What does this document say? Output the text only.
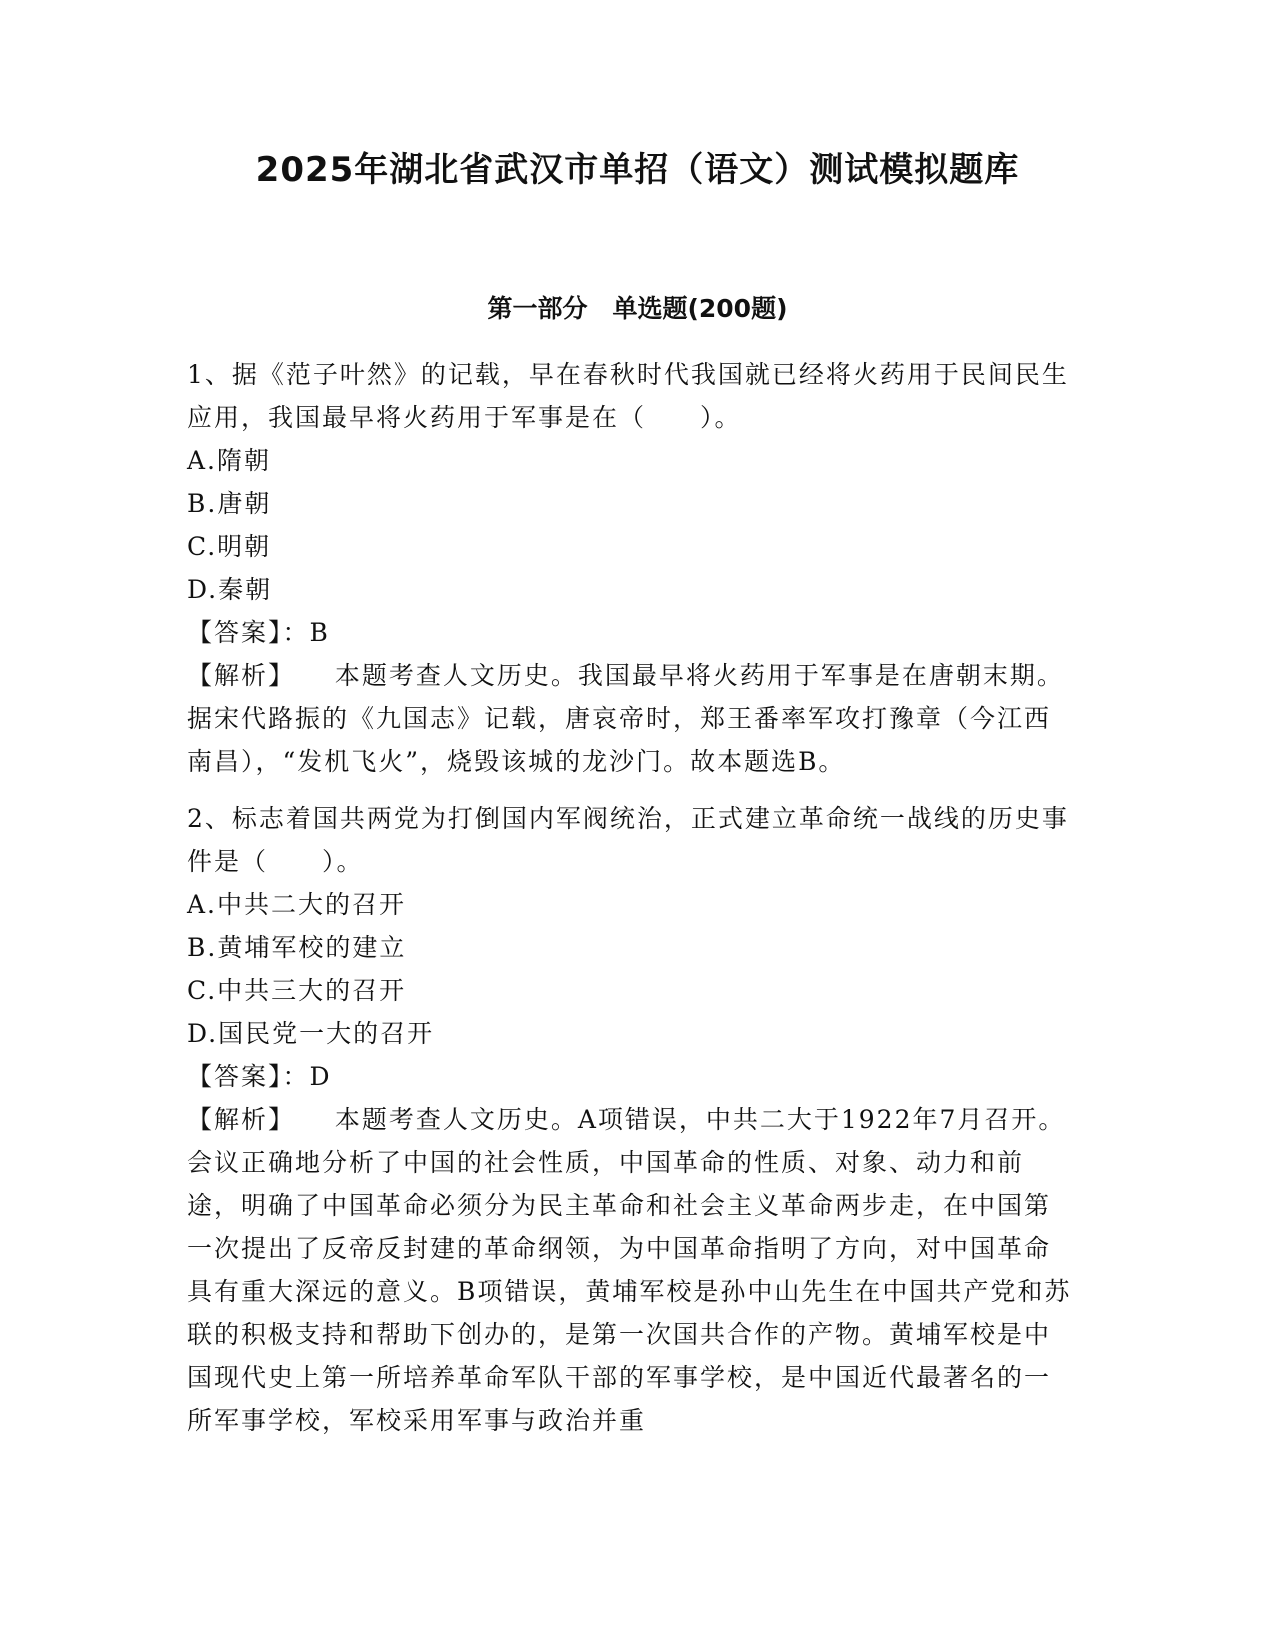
2025年湖北省武汉市单招（语文）测试模拟题库
第一部分　单选题(200题)

1、据《范子叶然》的记载，早在春秋时代我国就已经将火药用于民间民生应用，我国最早将火药用于军事是在（　　）。

A.隋朝

B.唐朝

C.明朝

D.秦朝

【答案】：B

【解析】 本题考查人文历史。我国最早将火药用于军事是在唐朝末期。据宋代路振的《九国志》记载，唐哀帝时，郑王番率军攻打豫章（今江西南昌），“发机飞火”，烧毁该城的龙沙门。故本题选B。

2、标志着国共两党为打倒国内军阀统治，正式建立革命统一战线的历史事件是（　　）。

A.中共二大的召开

B.黄埔军校的建立

C.中共三大的召开

D.国民党一大的召开

【答案】：D

【解析】 本题考查人文历史。A项错误，中共二大于1922年7月召开。会议正确地分析了中国的社会性质，中国革命的性质、对象、动力和前途，明确了中国革命必须分为民主革命和社会主义革命两步走，在中国第一次提出了反帝反封建的革命纲领，为中国革命指明了方向，对中国革命具有重大深远的意义。B项错误，黄埔军校是孙中山先生在中国共产党和苏联的积极支持和帮助下创办的，是第一次国共合作的产物。黄埔军校是中国现代史上第一所培养革命军队干部的军事学校，是中国近代最著名的一所军事学校，军校采用军事与政治并重
